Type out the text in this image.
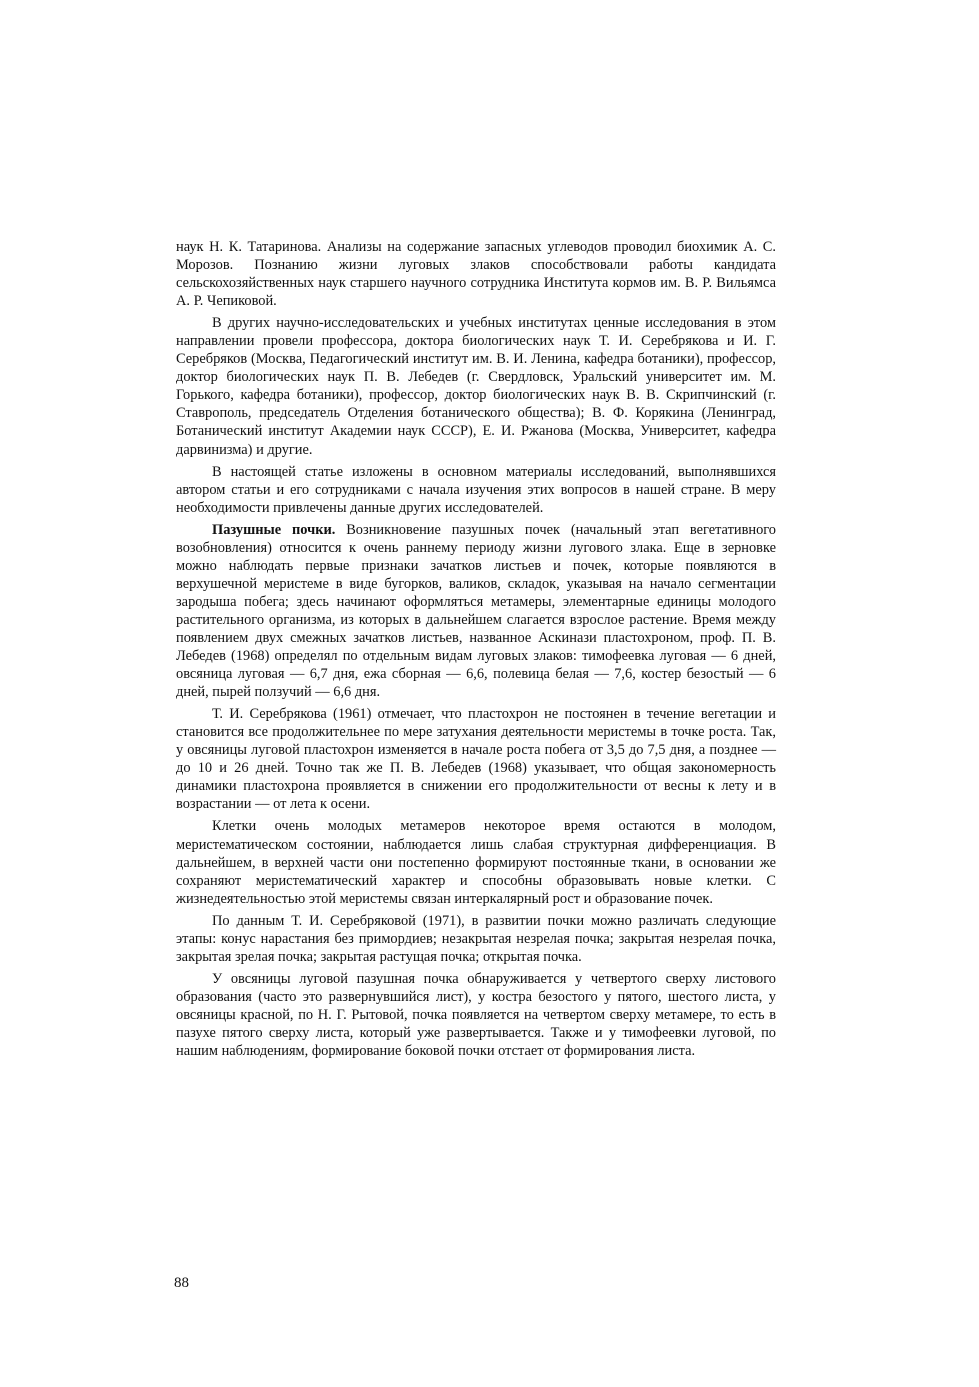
наук Н. К. Татаринова. Анализы на содержание запасных углеводов проводил биохимик А. С. Морозов. Познанию жизни луговых злаков способствовали работы кандидата сельскохозяйственных наук старшего научного сотрудника Института кормов им. В. Р. Вильямса А. Р. Чепиковой.

В других научно-исследовательских и учебных институтах ценные исследования в этом направлении провели профессора, доктора биологических наук Т. И. Серебрякова и И. Г. Серебряков (Москва, Педагогический институт им. В. И. Ленина, кафедра ботаники), профессор, доктор биологических наук П. В. Лебедев (г. Свердловск, Уральский университет им. М. Горького, кафедра ботаники), профессор, доктор биологических наук В. В. Скрипчинский (г. Ставрополь, председатель Отделения ботанического общества); В. Ф. Корякина (Ленинград, Ботанический институт Академии наук СССР), Е. И. Ржанова (Москва, Университет, кафедра дарвинизма) и другие.

В настоящей статье изложены в основном материалы исследований, выполнявшихся автором статьи и его сотрудниками с начала изучения этих вопросов в нашей стране. В меру необходимости привлечены данные других исследователей.

Пазушные почки. Возникновение пазушных почек (начальный этап вегетативного возобновления) относится к очень раннему периоду жизни лугового злака. Еще в зерновке можно наблюдать первые признаки зачатков листьев и почек, которые появляются в верхушечной меристеме в виде бугорков, валиков, складок, указывая на начало сегментации зародыша побега; здесь начинают оформляться метамеры, элементарные единицы молодого растительного организма, из которых в дальнейшем слагается взрослое растение. Время между появлением двух смежных зачатков листьев, названное Аскинази пластохроном, проф. П. В. Лебедев (1968) определял по отдельным видам луговых злаков: тимофеевка луговая — 6 дней, овсяница луговая — 6,7 дня, ежа сборная — 6,6, полевица белая — 7,6, костер безостый — 6 дней, пырей ползучий — 6,6 дня.

Т. И. Серебрякова (1961) отмечает, что пластохрон не постоянен в течение вегетации и становится все продолжительнее по мере затухания деятельности меристемы в точке роста. Так, у овсяницы луговой пластохрон изменяется в начале роста побега от 3,5 до 7,5 дня, а позднее — до 10 и 26 дней. Точно так же П. В. Лебедев (1968) указывает, что общая закономерность динамики пластохрона проявляется в снижении его продолжительности от весны к лету и в возрастании — от лета к осени.

Клетки очень молодых метамеров некоторое время остаются в молодом, меристематическом состоянии, наблюдается лишь слабая структурная дифференциация. В дальнейшем, в верхней части они постепенно формируют постоянные ткани, в основании же сохраняют меристематический характер и способны образовывать новые клетки. С жизнедеятельностью этой меристемы связан интеркалярный рост и образование почек.

По данным Т. И. Серебряковой (1971), в развитии почки можно различать следующие этапы: конус нарастания без примордиев; незакрытая незрелая почка; закрытая незрелая почка, закрытая зрелая почка; закрытая растущая почка; открытая почка.

У овсяницы луговой пазушная почка обнаруживается у четвертого сверху листового образования (часто это развернувшийся лист), у костра безостого у пятого, шестого листа, у овсяницы красной, по Н. Г. Рытовой, почка появляется на четвертом сверху метамере, то есть в пазухе пятого сверху листа, который уже развертывается. Также и у тимофеевки луговой, по нашим наблюдениям, формирование боковой почки отстает от формирования листа.

88
